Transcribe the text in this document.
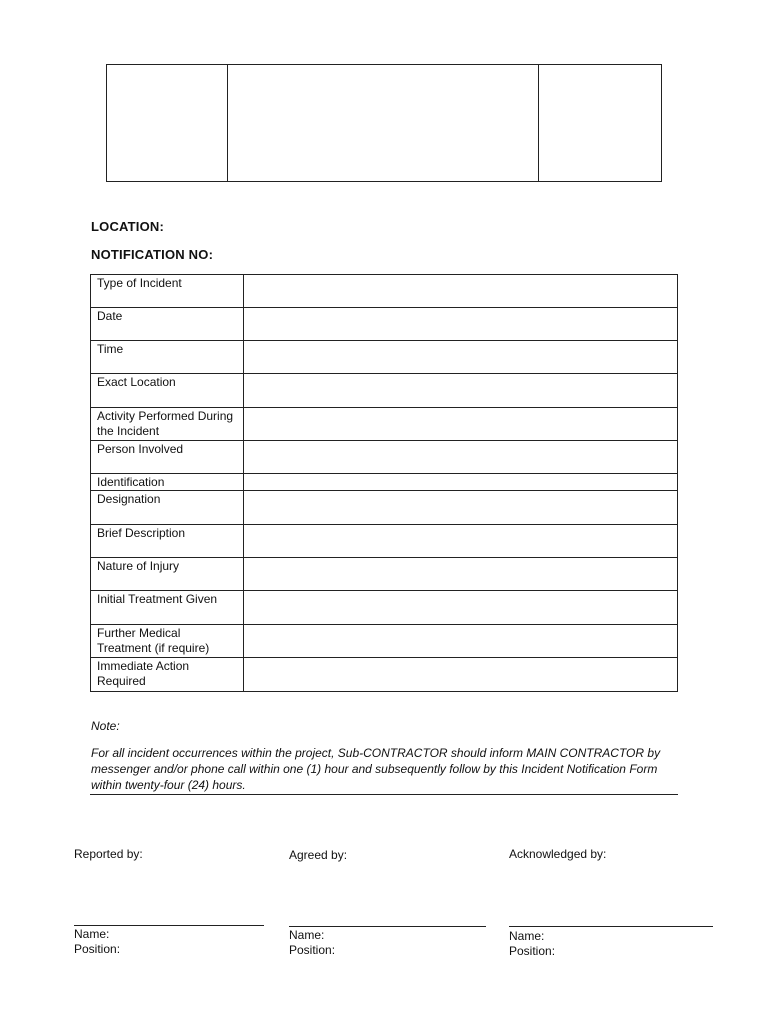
LOCATION:
NOTIFICATION NO:
Type of Incident	
Date	
Time	
Exact Location	
Activity Performed During the Incident	
Person Involved	
Identification	
Designation	
Brief Description	
Nature of Injury	
Initial Treatment Given	
Further Medical Treatment (if require)	
Immediate Action Required	
Note:
For all incident occurrences within the project, Sub-CONTRACTOR should inform MAIN CONTRACTOR by messenger and/or phone call within one (1) hour and subsequently follow by this Incident Notification Form within twenty-four (24) hours.
Reported by:
Name:
Position:
Agreed by:
Name:
Position:
Acknowledged by:
Name:
Position:
